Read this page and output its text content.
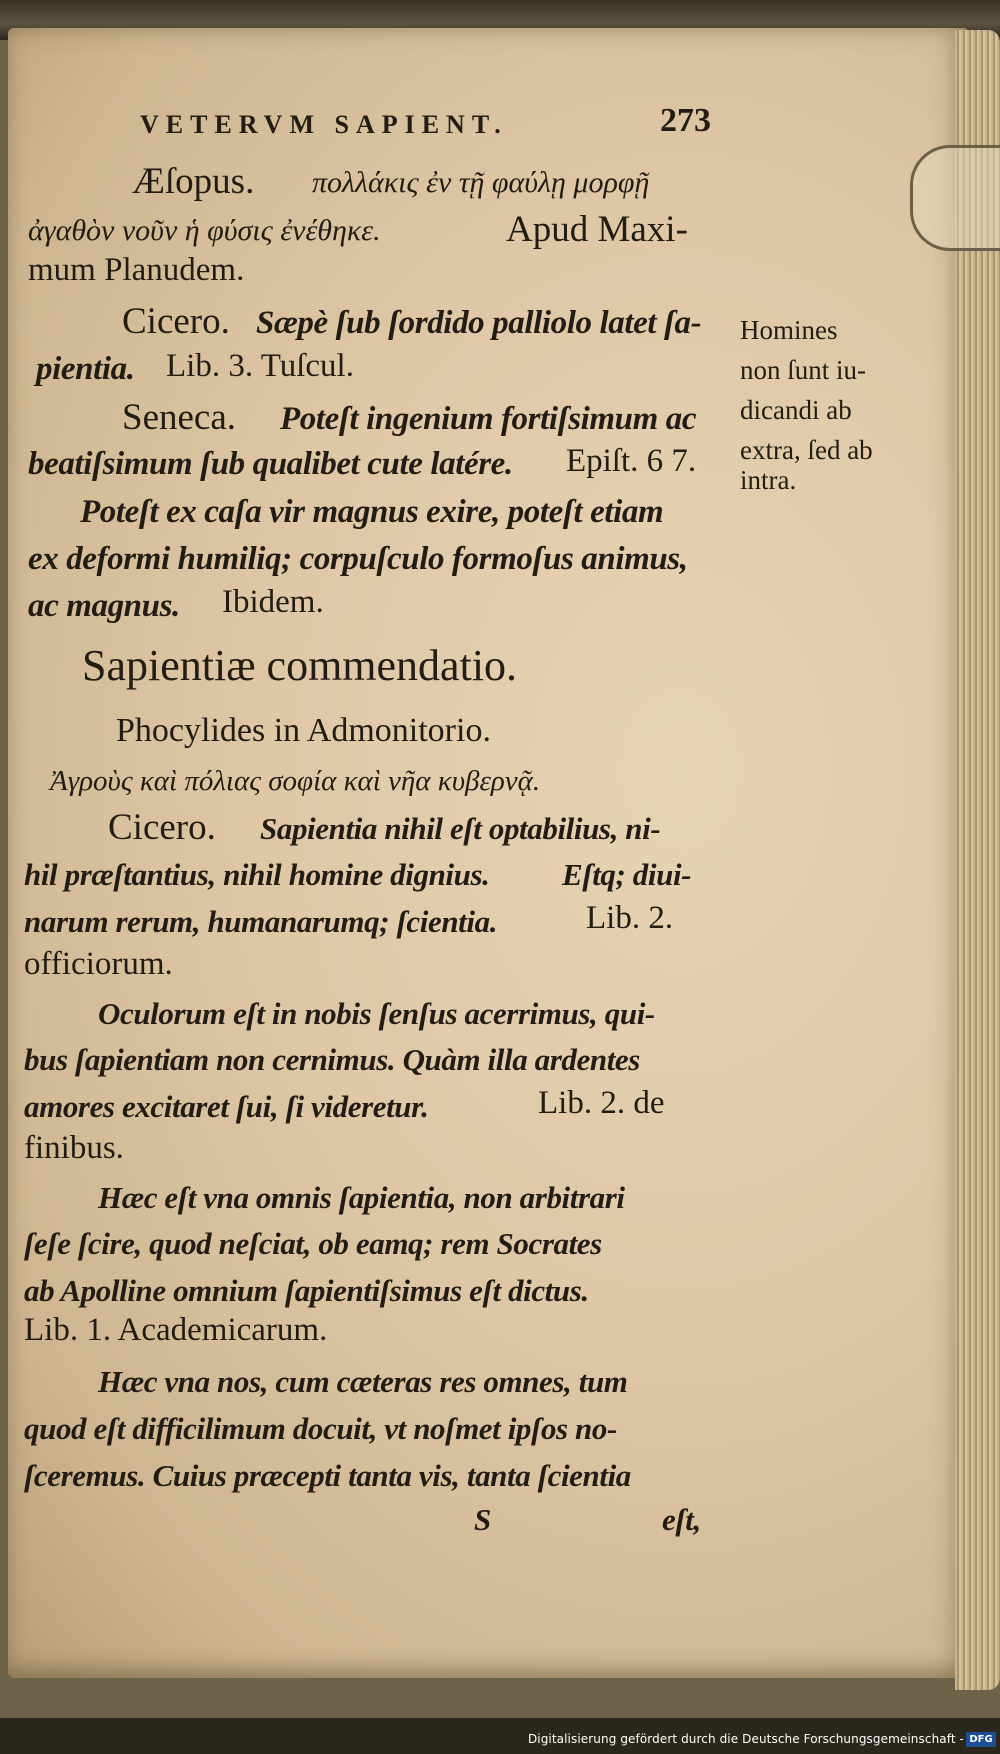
VETERVM SAPIENT.	273
Æſopus. πολλάκις ἐν τῇ φαύλῃ μορφῇ
ἀγαθὸν νοῦν ἡ φύσις ἐνέθηκε.	Apud Maxi-
mum Planudem.
Cicero. Sæpè ſub ſordido palliolo latet ſa-
pientia. Lib. 3. Tuſcul.
Seneca. Poteſt ingenium fortiſsimum ac
beatiſsimum ſub qualibet cute latére. Epiſt. 6 7.
Poteſt ex caſa vir magnus exire, poteſt etiam
ex deformi humiliq; corpuſculo formoſus animus,
ac magnus. Ibidem.
Homines
non ſunt iu-
dicandi ab
extra, ſed ab
intra.
Sapientiæ commendatio.
Phocylides in Admonitorio.
Ἀγροὺς καὶ πόλιας σοφία καὶ νῆα κυβερνᾷ.
Cicero. Sapientia nihil eſt optabilius, ni-
hil præſtantius, nihil homine dignius. Eſtq; diui-
narum rerum, humanarumq; ſcientia.	Lib. 2.
officiorum.
Oculorum eſt in nobis ſenſus acerrimus, qui-
bus ſapientiam non cernimus. Quàm illa ardentes
amores excitaret ſui, ſi videretur.	Lib. 2. de
finibus.
Hæc eſt vna omnis ſapientia, non arbitrari
ſeſe ſcire, quod neſciat, ob eamq; rem Socrates
ab Apolline omnium ſapientiſsimus eſt dictus.
Lib. 1. Academicarum.
Hæc vna nos, cum cæteras res omnes, tum
quod eſt difficilimum docuit, vt noſmet ipſos no-
ſceremus. Cuius præcepti tanta vis, tanta ſcientia
S	eſt,
Digitalisierung gefördert durch die Deutsche Forschungsgemeinschaft - DFG
